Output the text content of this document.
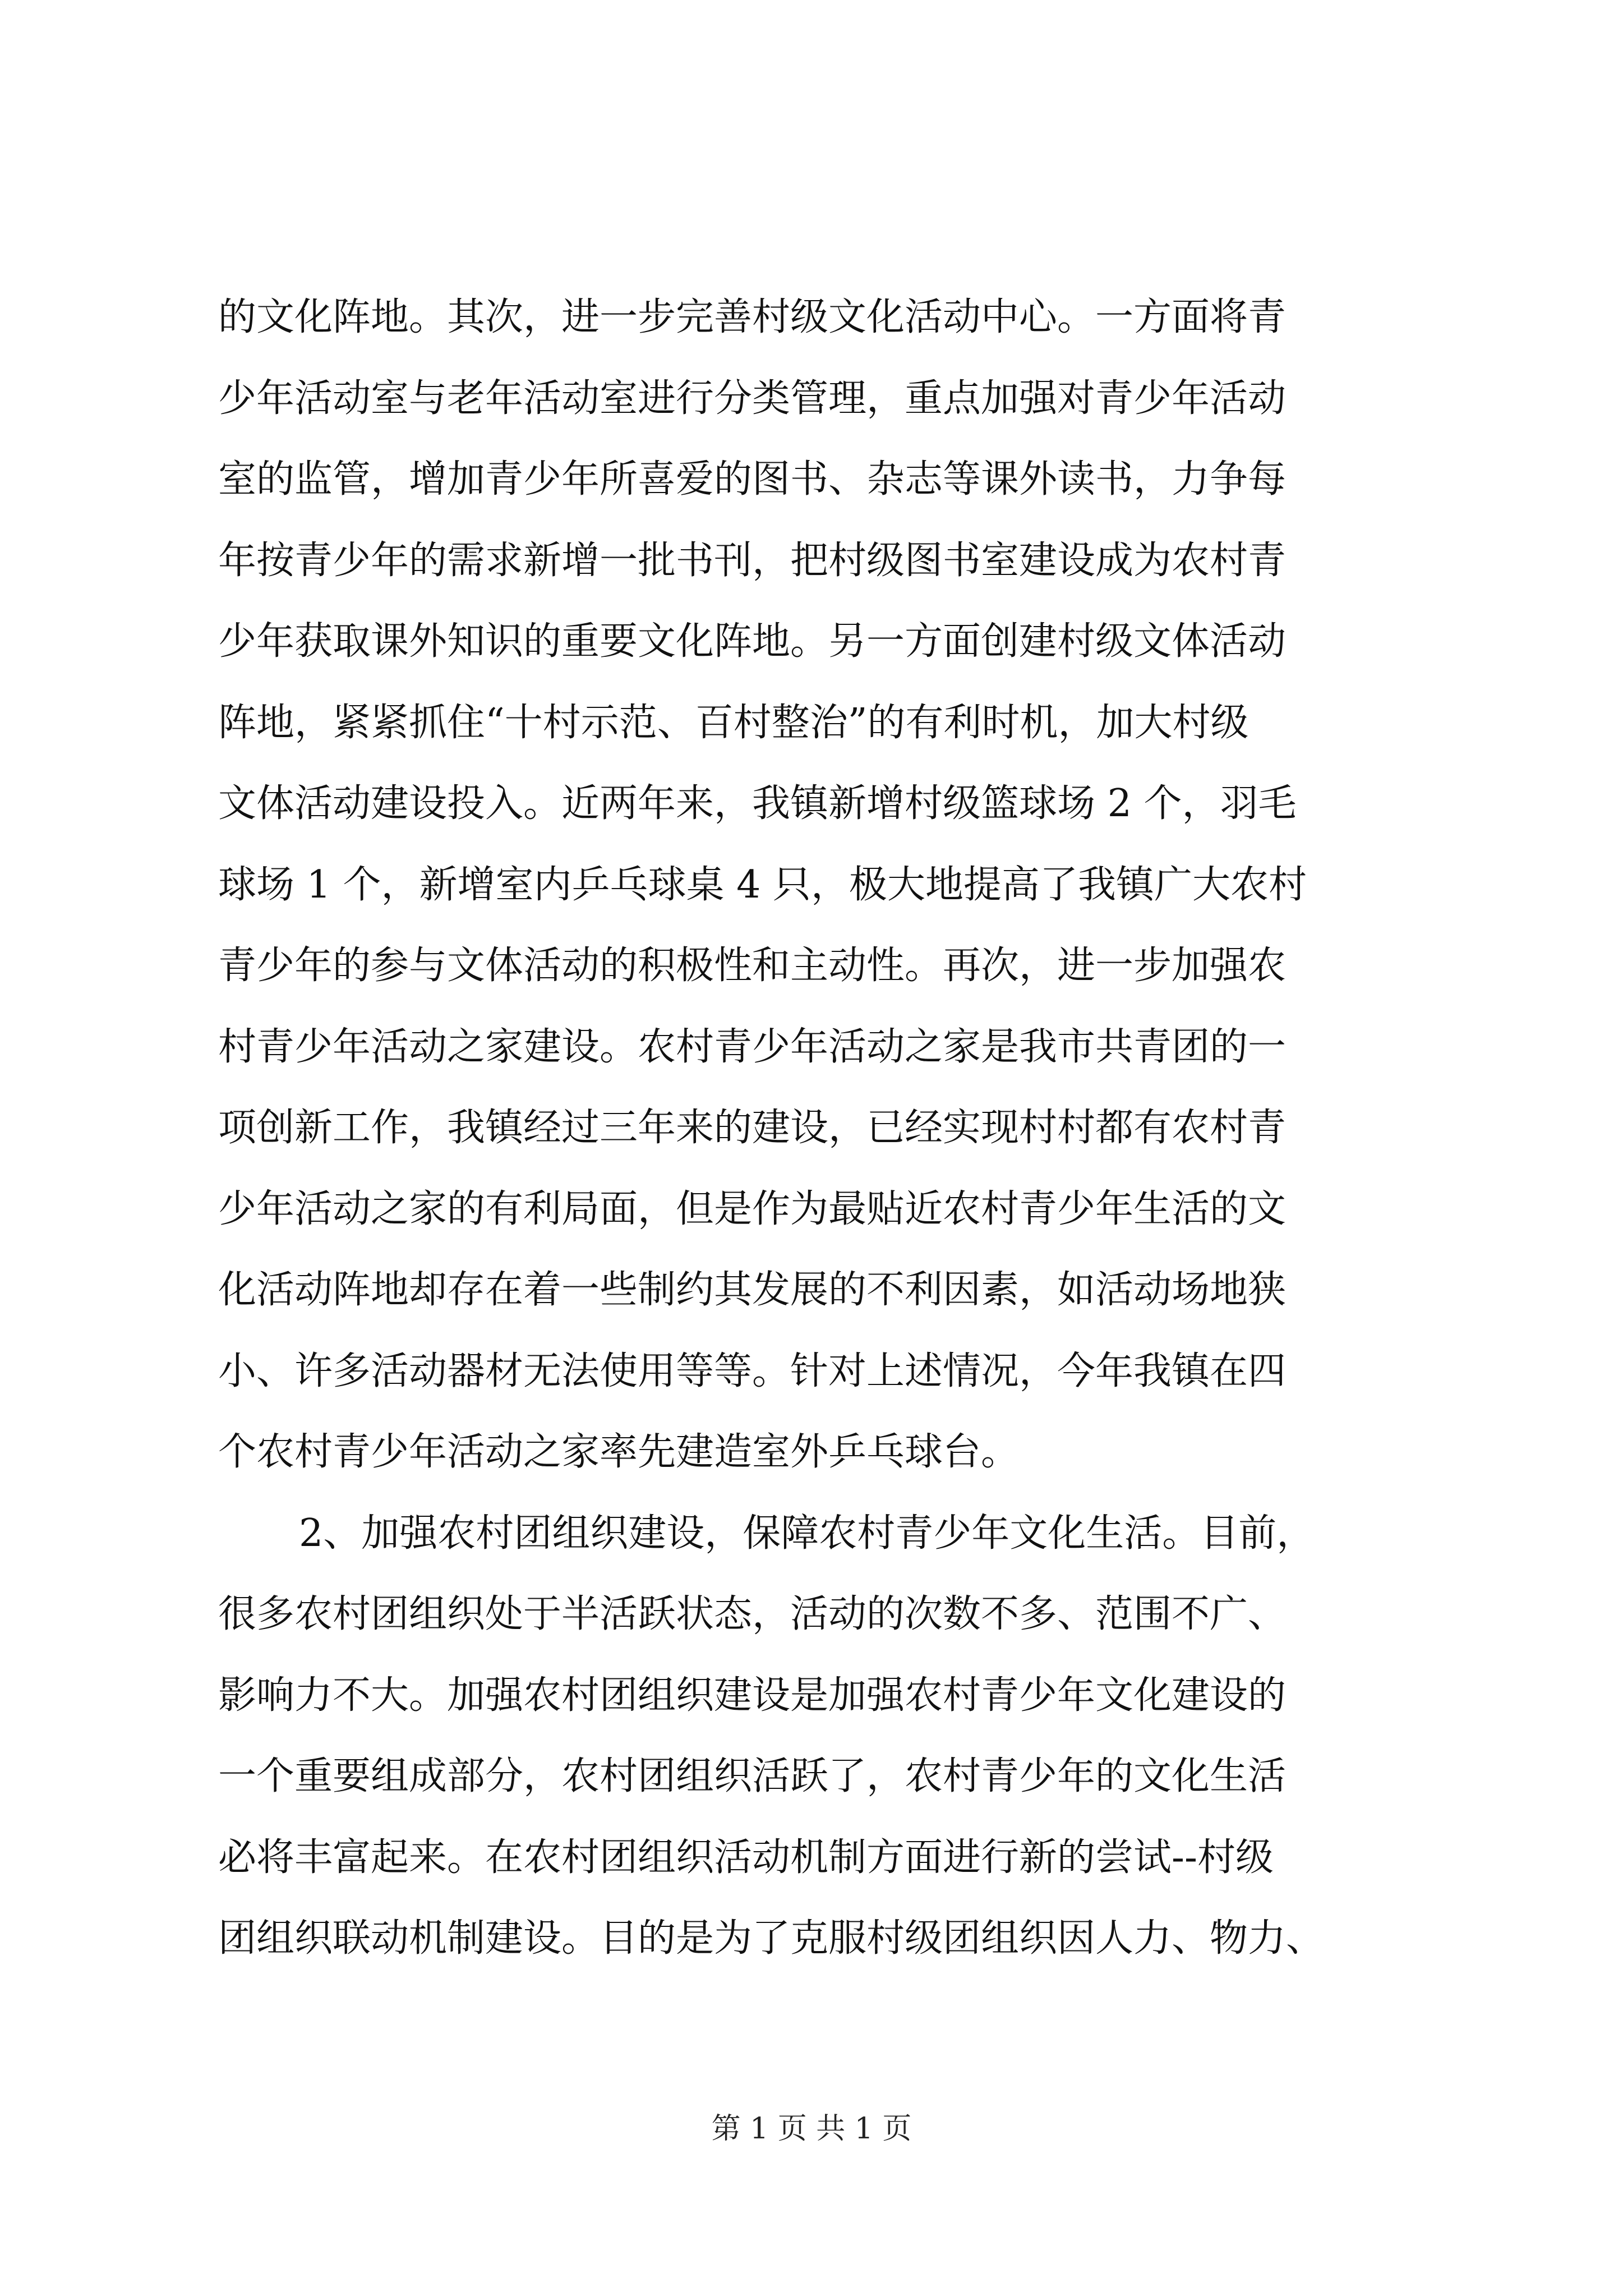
的文化阵地。其次，进一步完善村级文化活动中心。一方面将青
少年活动室与老年活动室进行分类管理，重点加强对青少年活动
室的监管，增加青少年所喜爱的图书、杂志等课外读书，力争每
年按青少年的需求新增一批书刊，把村级图书室建设成为农村青
少年获取课外知识的重要文化阵地。另一方面创建村级文体活动
阵地，紧紧抓住“十村示范、百村整治”的有利时机，加大村级
文体活动建设投入。近两年来，我镇新增村级篮球场 2 个，羽毛
球场 1 个，新增室内乒乓球桌 4 只，极大地提高了我镇广大农村
青少年的参与文体活动的积极性和主动性。再次，进一步加强农
村青少年活动之家建设。农村青少年活动之家是我市共青团的一
项创新工作，我镇经过三年来的建设，已经实现村村都有农村青
少年活动之家的有利局面，但是作为最贴近农村青少年生活的文
化活动阵地却存在着一些制约其发展的不利因素，如活动场地狭
小、许多活动器材无法使用等等。针对上述情况，今年我镇在四
个农村青少年活动之家率先建造室外乒乓球台。
2、加强农村团组织建设，保障农村青少年文化生活。目前，
很多农村团组织处于半活跃状态，活动的次数不多、范围不广、
影响力不大。加强农村团组织建设是加强农村青少年文化建设的
一个重要组成部分，农村团组织活跃了，农村青少年的文化生活
必将丰富起来。在农村团组织活动机制方面进行新的尝试--村级
团组织联动机制建设。目的是为了克服村级团组织因人力、物力、
第 1 页 共 1 页
